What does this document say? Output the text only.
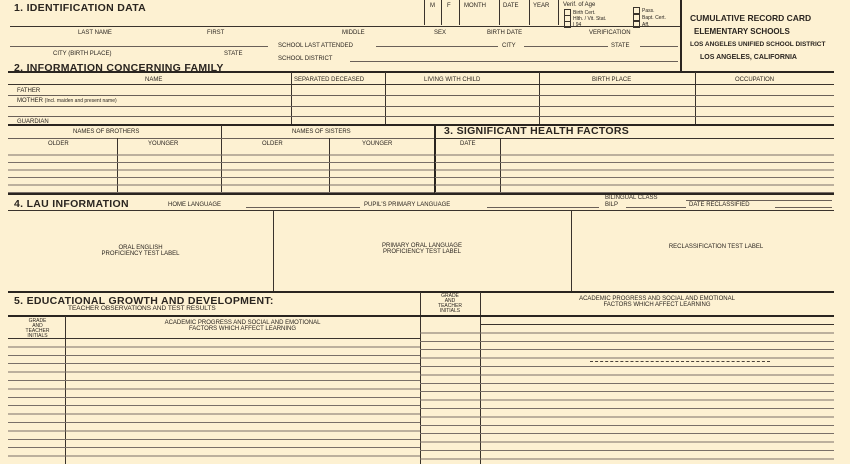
1. IDENTIFICATION DATA	M F MONTH	DATE YEAR Verif. of Age
Birth Cert.
Hlth. / Vit. Stat.
I 94
Pass.
Bapt. Cert.
Aff.
LAST NAME	FIRST	MIDDLE	SEX	BIRTH DATE	VERIFICATION
SCHOOL LAST ATTENDED	CITY	STATE
CITY (BIRTH PLACE)	STATE
SCHOOL DISTRICT
CUMULATIVE RECORD CARD
ELEMENTARY SCHOOLS
LOS ANGELES UNIFIED SCHOOL DISTRICT
LOS ANGELES, CALIFORNIA
2. INFORMATION CONCERNING FAMILY
NAME	SEPARATED DECEASED	LIVING WITH CHILD	BIRTH PLACE	OCCUPATION
FATHER
MOTHER (Incl. maiden and present name)
GUARDIAN
NAMES OF BROTHERS	NAMES OF SISTERS
OLDER	YOUNGER	OLDER	YOUNGER
3. SIGNIFICANT HEALTH FACTORS
DATE
4. LAU INFORMATION	HOME LANGUAGE	PUPIL'S PRIMARY LANGUAGE
BILINGUAL CLASS
BILP	DATE RECLASSIFIED
ORAL ENGLISH
PROFICIENCY TEST LABEL
PRIMARY ORAL LANGUAGE
PROFICIENCY TEST LABEL
RECLASSIFICATION TEST LABEL
5. EDUCATIONAL GROWTH AND DEVELOPMENT:
TEACHER OBSERVATIONS AND TEST RESULTS
GRADE
AND
TEACHER
INITIALS
ACADEMIC PROGRESS AND SOCIAL AND EMOTIONAL
FACTORS WHICH AFFECT LEARNING
GRADE
AND
TEACHER
INITIALS
ACADEMIC PROGRESS AND SOCIAL AND EMOTIONAL
FACTORS WHICH AFFECT LEARNING
